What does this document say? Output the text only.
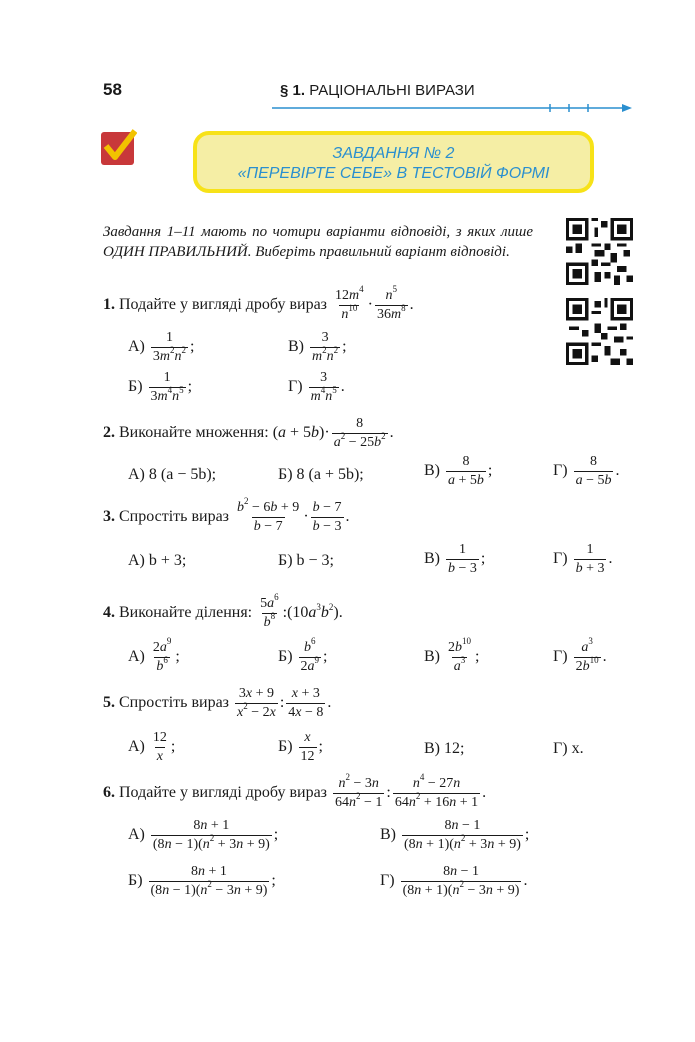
58	§ 1. РАЦІОНАЛЬНІ ВИРАЗИ
ЗАВДАННЯ № 2
«ПЕРЕВІРТЕ СЕБЕ» В ТЕСТОВІЙ ФОРМІ
Завдання 1–11 мають по чотири варіанти відповіді, з яких лише ОДИН ПРАВИЛЬНИЙ. Виберіть правильний варіант відповіді.
1. Подайте у вигляді дробу вираз $\frac{12m^4}{n^{10}} \cdot \frac{n^5}{36m^8}$ .
$А) \frac{1}{3m^2n^2}$ ;	$В) \frac{3}{m^2n^2}$ ;
$Б) \frac{1}{3m^4n^5}$ ;	$Г) \frac{3}{m^4n^5}$ .
2. Виконайте множення: $(a + 5b)\cdot \frac{8}{a^2 - 25b^2}$ .
А) 8 (a − 5b);	Б) 8 (a + 5b);	$В) \frac{8}{a + 5b}$ ;	$Г) \frac{8}{a - 5b}$ .
3. Спростіть вираз $\frac{b^2 - 6b + 9}{b - 7} \cdot \frac{b - 7}{b - 3}$ .
А) b + 3;	Б) b − 3;	$В) \frac{1}{b - 3}$ ;	$Г) \frac{1}{b + 3}$ .
4. Виконайте ділення: $\frac{5a^6}{b^8}$ $:(10a^3b^2)$.
$А) \frac{2a^9}{b^6}$ ;	$Б) \frac{b^6}{2a^9}$ ;	$В) \frac{2b^{10}}{a^3}$ ;	$Г) \frac{a^3}{2b^{10}}$ .
5. Спростіть вираз $\frac{3x + 9}{x^2 - 2x}$ : $\frac{x + 3}{4x - 8}$ .
$А) \frac{12}{x}$ ;	$Б) \frac{x}{12}$ ;	В) 12;	Г) x.
6. Подайте у вигляді дробу вираз $\frac{n^2 - 3n}{64n^2 - 1}$ : $\frac{n^4 - 27n}{64n^2 + 16n + 1}$ .
$А) \frac{8n + 1}{(8n - 1)(n^2 + 3n + 9)}$ ;	$В) \frac{8n - 1}{(8n + 1)(n^2 + 3n + 9)}$ ;
$Б) \frac{8n + 1}{(8n - 1)(n^2 - 3n + 9)}$ ;	$Г) \frac{8n - 1}{(8n + 1)(n^2 - 3n + 9)}$ .
